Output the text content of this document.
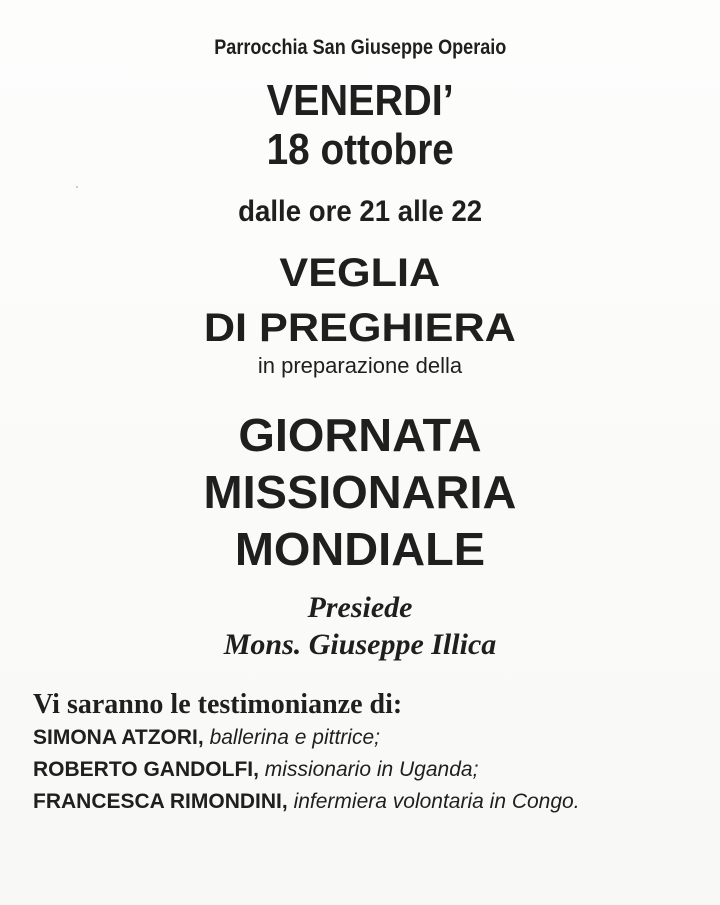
Parrocchia San Giuseppe Operaio
VENERDI’
18 ottobre
dalle ore 21 alle 22
VEGLIA
DI PREGHIERA
in preparazione della
GIORNATA
MISSIONARIA
MONDIALE
Presiede
Mons. Giuseppe Illica
Vi saranno le testimonianze di:
SIMONA ATZORI, ballerina e pittrice;
ROBERTO GANDOLFI, missionario in Uganda;
FRANCESCA RIMONDINI, infermiera volontaria in Congo.
